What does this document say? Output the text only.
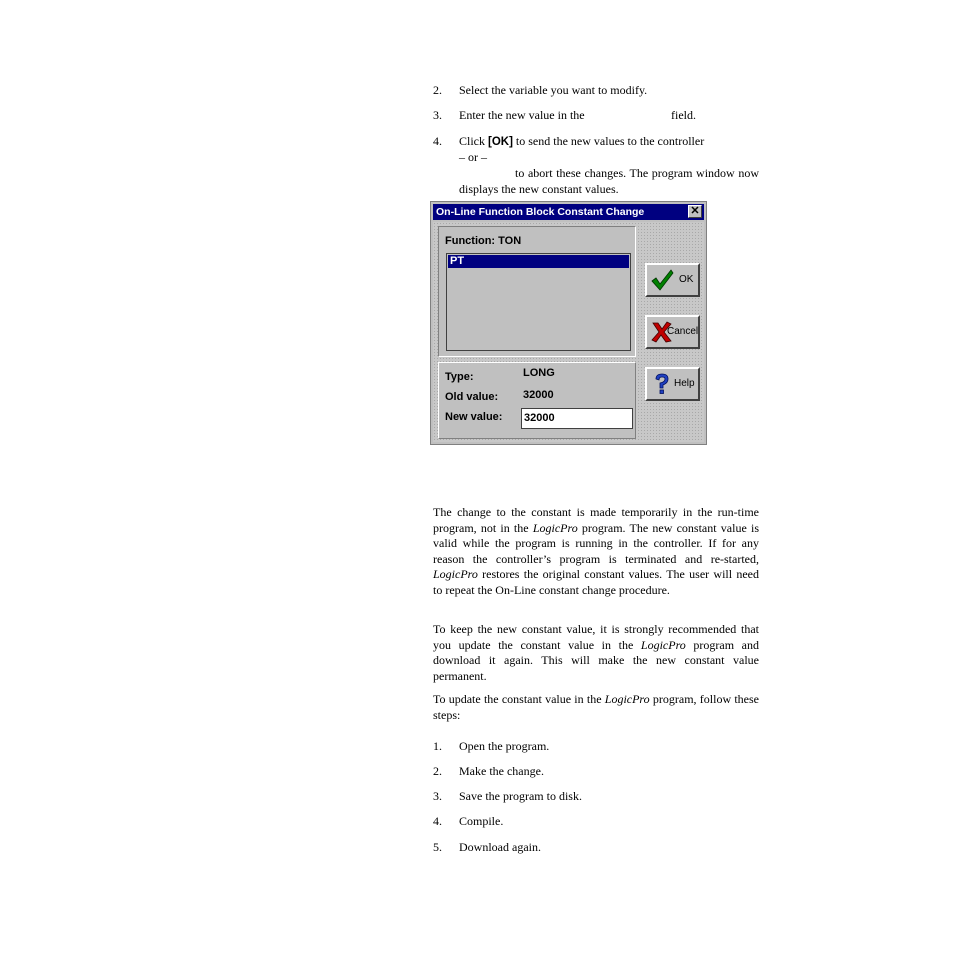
2. Select the variable you want to modify.
3. Enter the new value in the	field.
4. Click [OK] to send the new values to the controller
– or –
to abort these changes. The program window now displays the new constant values.
On-Line Function Block Constant Change	✕
Function: TON
PT
Type:	LONG
Old value: 32000
New value: 32000
OK
Cancel
Help
The change to the constant is made temporarily in the run-time program, not in the LogicPro program. The new constant value is valid while the program is running in the controller. If for any reason the controller’s program is terminated and re-started, LogicPro restores the original constant values. The user will need to repeat the On-Line constant change procedure.
To keep the new constant value, it is strongly recommended that you update the constant value in the LogicPro program and download it again. This will make the new constant value permanent.
To update the constant value in the LogicPro program, follow these steps:
1. Open the program.
2. Make the change.
3. Save the program to disk.
4. Compile.
5. Download again.
